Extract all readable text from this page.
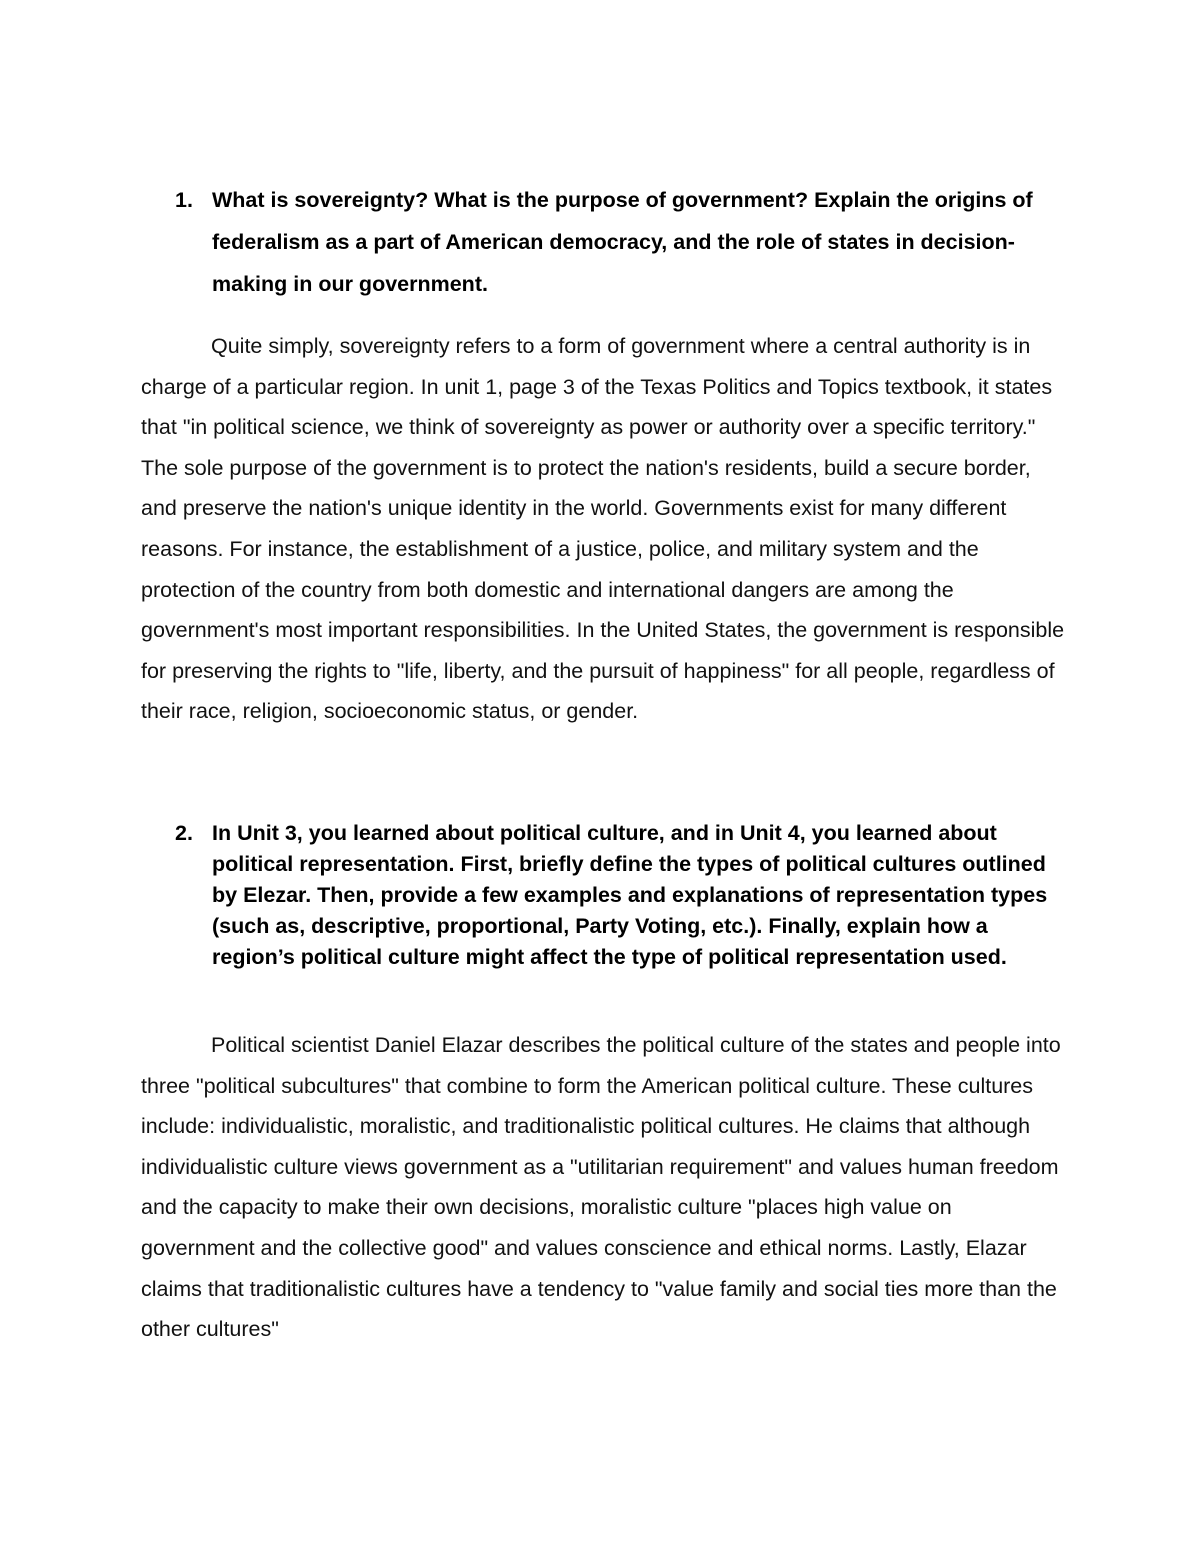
1. What is sovereignty? What is the purpose of government? Explain the origins of federalism as a part of American democracy, and the role of states in decision-making in our government.

Quite simply, sovereignty refers to a form of government where a central authority is in charge of a particular region. In unit 1, page 3 of the Texas Politics and Topics textbook, it states that "in political science, we think of sovereignty as power or authority over a specific territory." The sole purpose of the government is to protect the nation's residents, build a secure border, and preserve the nation's unique identity in the world. Governments exist for many different reasons. For instance, the establishment of a justice, police, and military system and the protection of the country from both domestic and international dangers are among the government's most important responsibilities. In the United States, the government is responsible for preserving the rights to "life, liberty, and the pursuit of happiness" for all people, regardless of their race, religion, socioeconomic status, or gender.

2. In Unit 3, you learned about political culture, and in Unit 4, you learned about political representation. First, briefly define the types of political cultures outlined by Elezar. Then, provide a few examples and explanations of representation types (such as, descriptive, proportional, Party Voting, etc.). Finally, explain how a region’s political culture might affect the type of political representation used.

Political scientist Daniel Elazar describes the political culture of the states and people into three "political subcultures" that combine to form the American political culture. These cultures include: individualistic, moralistic, and traditionalistic political cultures. He claims that although individualistic culture views government as a "utilitarian requirement" and values human freedom and the capacity to make their own decisions, moralistic culture "places high value on government and the collective good" and values conscience and ethical norms. Lastly, Elazar claims that traditionalistic cultures have a tendency to "value family and social ties more than the other cultures"
